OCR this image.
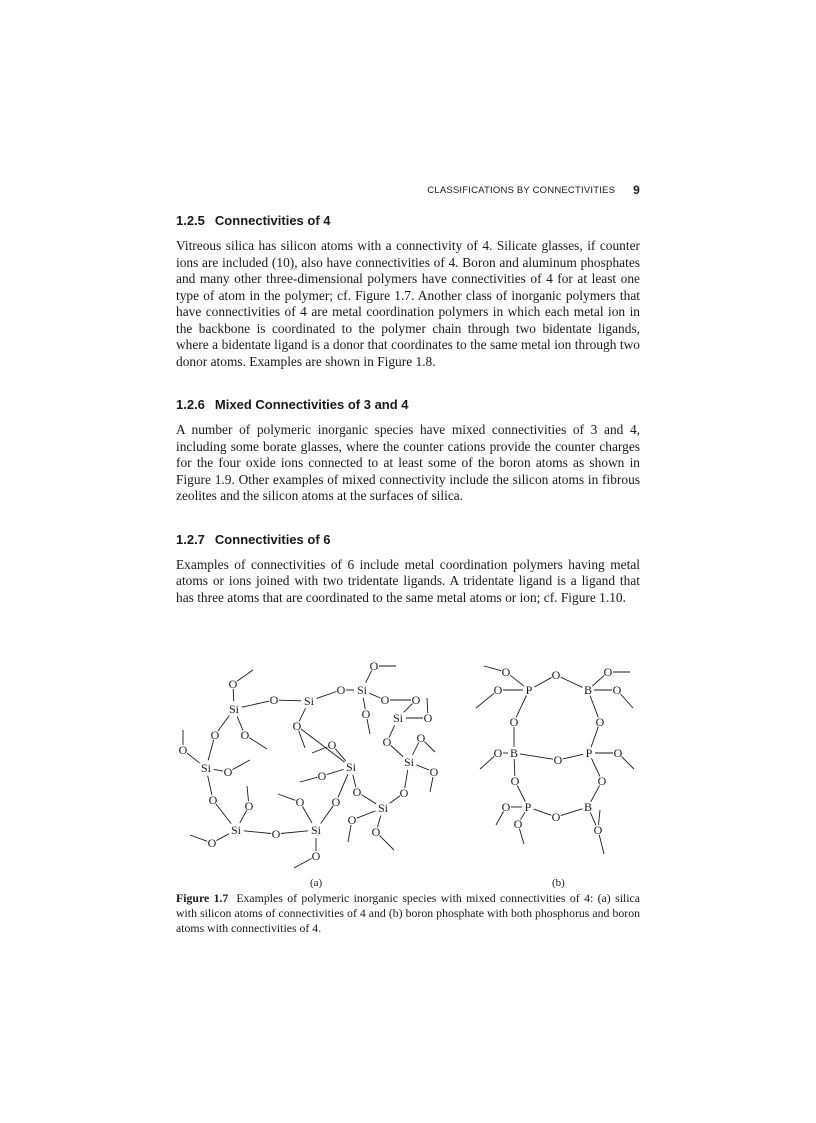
CLASSIFICATIONS BY CONNECTIVITIES 9
1.2.5 Connectivities of 4

Vitreous silica has silicon atoms with a connectivity of 4. Silicate glasses, if counter ions are included (10), also have connectivities of 4. Boron and aluminum phosphates and many other three-dimensional polymers have connectivities of 4 for at least one type of atom in the polymer; cf. Figure 1.7. Another class of inorganic polymers that have connectivities of 4 are metal coordination polymers in which each metal ion in the backbone is coordinated to the polymer chain through two bidentate ligands, where a bidentate ligand is a donor that coordinates to the same metal ion through two donor atoms. Examples are shown in Figure 1.8.

1.2.6 Mixed Connectivities of 3 and 4

A number of polymeric inorganic species have mixed connectivities of 3 and 4, including some borate glasses, where the counter cations provide the counter charges for the four oxide ions connected to at least some of the boron atoms as shown in Figure 1.9. Other examples of mixed connectivity include the silicon atoms in fibrous zeolites and the silicon atoms at the surfaces of silica.

1.2.7 Connectivities of 6

Examples of connectivities of 6 include metal coordination polymers having metal atoms or ions joined with two tridentate ligands. A tridentate ligand is a ligand that has three atoms that are coordinated to the same metal atoms or ion; cf. Figure 1.10.

O
Si
O Si
O Si
O
O O
Si O
O
O
O O
Si
O
O
O O
O
Si
O
Si
O
O O
O
O O
O
Si
Si	O	Si
O
O
O
O
O	O	O
O P	B O
O	O
O B	O P O
O	O
O P
O
B
O	O
(a)	(b)
Figure 1.7 Examples of polymeric inorganic species with mixed connectivities of 4: (a) silica with silicon atoms of connectivities of 4 and (b) boron phosphate with both phosphorus and boron atoms with connectivities of 4.
